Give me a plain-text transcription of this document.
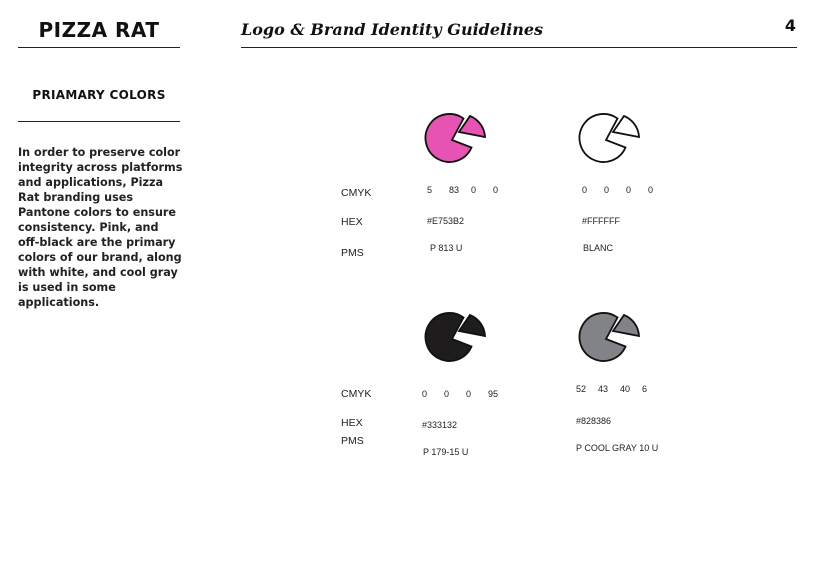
PIZZA RAT
PRIAMARY COLORS
In order to preserve color integrity across platforms and applications, Pizza Rat branding uses Pantone colors to ensure consistency. Pink, and off-black are the primary colors of our brand, along with white, and cool gray is used in some applications.
Logo & Brand Identity Guidelines	4
CMYK
HEX
PMS
CMYK
HEX
PMS
5 83 0 0
#E753B2
P 813 U
0 0 0 0
#FFFFFF
BLANC
0 0 0 95
#333132
P 179-15 U
52 43 40 6
#828386
P COOL GRAY 10 U
